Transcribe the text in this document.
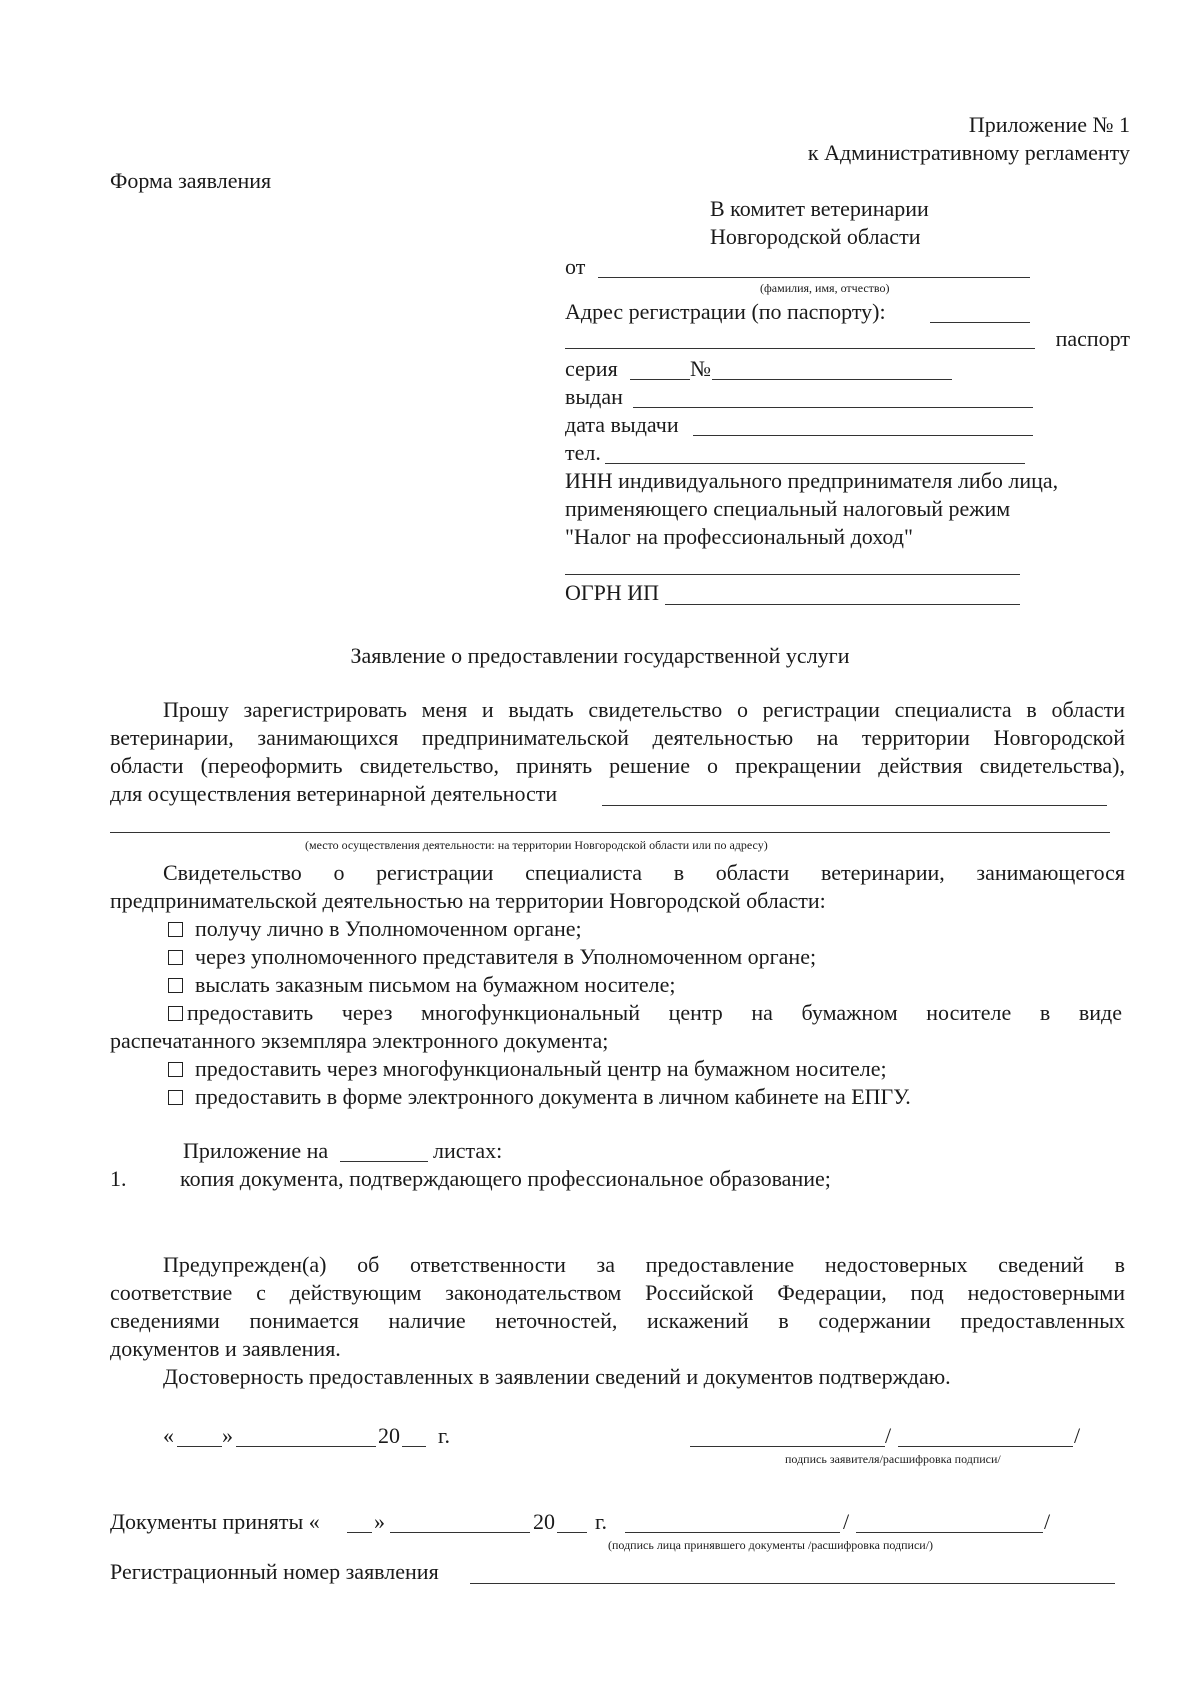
Приложение № 1
к Административному регламенту
Форма заявления
В комитет ветеринарии
Новгородской области
от
(фамилия, имя, отчество)
Адрес регистрации (по паспорту):
паспорт
серия	№
выдан
дата выдачи
тел.
ИНН индивидуального предпринимателя либо лица,
применяющего специальный налоговый режим
"Налог на профессиональный доход"
ОГРН ИП
Заявление о предоставлении государственной услуги
Прошу зарегистрировать меня и выдать свидетельство о регистрации специалиста в области
ветеринарии, занимающихся предпринимательской деятельностью на территории Новгородской
области (переоформить свидетельство, принять решение о прекращении действия свидетельства),
для осуществления ветеринарной деятельности
(место осуществления деятельности: на территории Новгородской области или по адресу)
Свидетельство о регистрации специалиста в области ветеринарии, занимающегося
предпринимательской деятельностью на территории Новгородской области:
получу лично в Уполномоченном органе;
через уполномоченного представителя в Уполномоченном органе;
выслать заказным письмом на бумажном носителе;
предоставить через многофункциональный центр на бумажном носителе в виде
распечатанного экземпляра электронного документа;
предоставить через многофункциональный центр на бумажном носителе;
предоставить в форме электронного документа в личном кабинете на ЕПГУ.
Приложение на	листах:
1. копия документа, подтверждающего профессиональное образование;
Предупрежден(а) об ответственности за предоставление недостоверных сведений в
соответствие с действующим законодательством Российской Федерации, под недостоверными
сведениями понимается наличие неточностей, искажений в содержании предоставленных
документов и заявления.
Достоверность предоставленных в заявлении сведений и документов подтверждаю.
« »	20 г.	/	/
подпись заявителя/расшифровка подписи/
Документы приняты « »	20 г.	/	/
(подпись лица принявшего документы /расшифровка подписи/)
Регистрационный номер заявления
